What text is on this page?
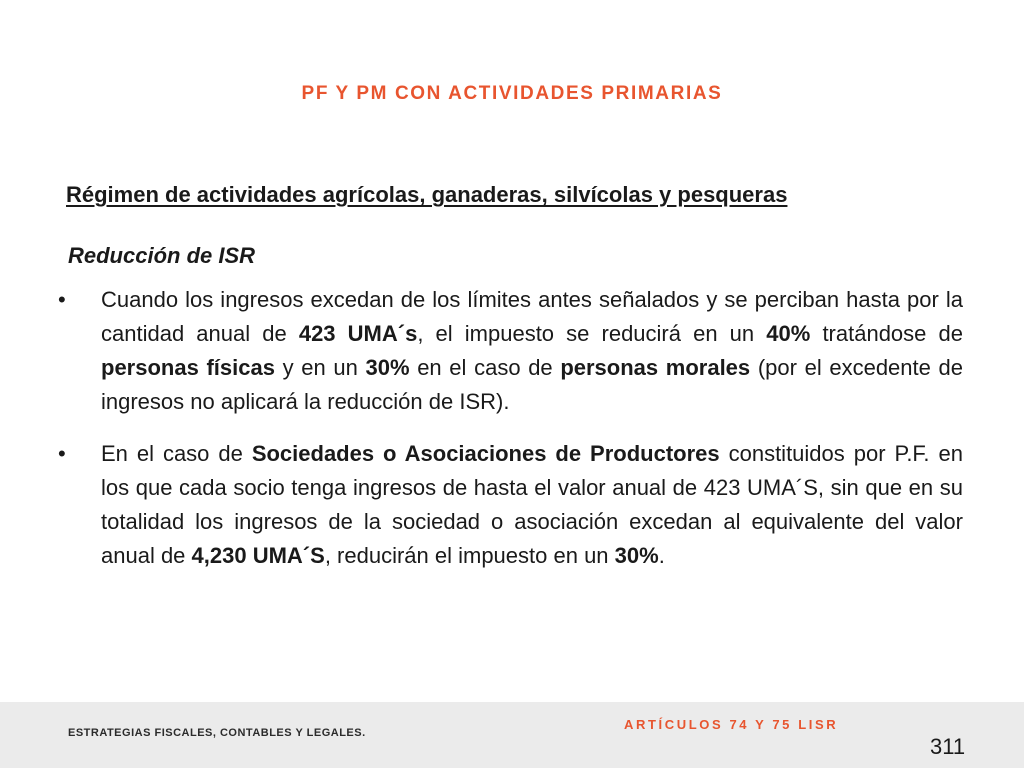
PF Y PM CON ACTIVIDADES PRIMARIAS
Régimen de actividades agrícolas, ganaderas, silvícolas y pesqueras
Reducción de ISR
• Cuando los ingresos excedan de los límites antes señalados y se perciban hasta por la cantidad anual de 423 UMA´s, el impuesto se reducirá en un 40% tratándose de personas físicas y en un 30% en el caso de personas morales (por el excedente de ingresos no aplicará la reducción de ISR).
• En el caso de Sociedades o Asociaciones de Productores constituidos por P.F. en los que cada socio tenga ingresos de hasta el valor anual de 423 UMA´S, sin que en su totalidad los ingresos de la sociedad o asociación excedan al equivalente del valor anual de 4,230 UMA´S, reducirán el impuesto en un 30%.
ESTRATEGIAS FISCALES, CONTABLES Y LEGALES.
ARTÍCULOS 74 Y 75 LISR
311
